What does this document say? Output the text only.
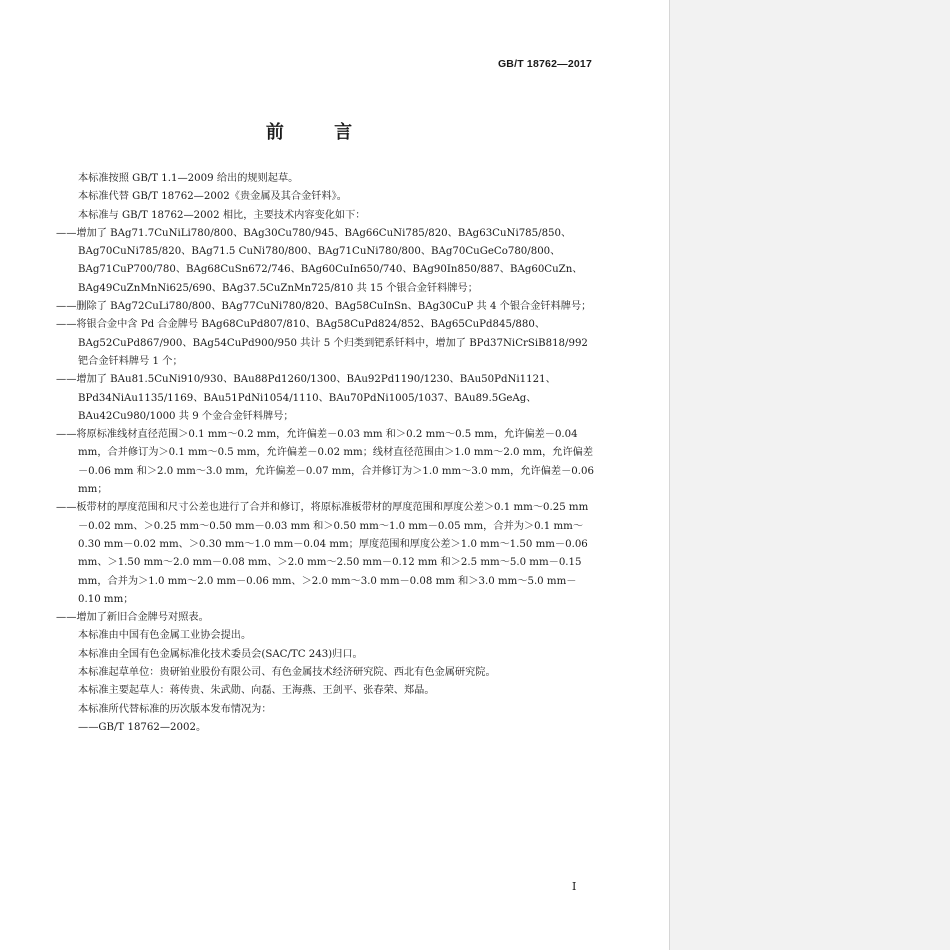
GB/T 18762—2017
前 言

本标准按照 GB/T 1.1—2009 给出的规则起草。

本标准代替 GB/T 18762—2002《贵金属及其合金钎料》。

本标准与 GB/T 18762—2002 相比，主要技术内容变化如下：

——增加了 BAg71.7CuNiLi780/800、BAg30Cu780/945、BAg66CuNi785/820、BAg63CuNi785/850、BAg70CuNi785/820、BAg71.5 CuNi780/800、BAg71CuNi780/800、BAg70CuGeCo780/800、BAg71CuP700/780、BAg68CuSn672/746、BAg60CuIn650/740、BAg90In850/887、BAg60CuZn、BAg49CuZnMnNi625/690、BAg37.5CuZnMn725/810 共 15 个银合金钎料牌号；

——删除了 BAg72CuLi780/800、BAg77CuNi780/820、BAg58CuInSn、BAg30CuP 共 4 个银合金钎料牌号；

——将银合金中含 Pd 合金牌号 BAg68CuPd807/810、BAg58CuPd824/852、BAg65CuPd845/880、BAg52CuPd867/900、BAg54CuPd900/950 共计 5 个归类到钯系钎料中，增加了 BPd37NiCrSiB818/992 钯合金钎料牌号 1 个；

——增加了 BAu81.5CuNi910/930、BAu88Pd1260/1300、BAu92Pd1190/1230、BAu50PdNi1121、BPd34NiAu1135/1169、BAu51PdNi1054/1110、BAu70PdNi1005/1037、BAu89.5GeAg、BAu42Cu980/1000 共 9 个金合金钎料牌号；

——将原标准线材直径范围＞0.1 mm～0.2 mm，允许偏差－0.03 mm 和＞0.2 mm～0.5 mm，允许偏差－0.04 mm，合并修订为＞0.1 mm～0.5 mm，允许偏差－0.02 mm；线材直径范围由＞1.0 mm～2.0 mm，允许偏差－0.06 mm 和＞2.0 mm～3.0 mm，允许偏差－0.07 mm，合并修订为＞1.0 mm～3.0 mm，允许偏差－0.06 mm；

——板带材的厚度范围和尺寸公差也进行了合并和修订，将原标准板带材的厚度范围和厚度公差＞0.1 mm～0.25 mm－0.02 mm、＞0.25 mm～0.50 mm－0.03 mm 和＞0.50 mm～1.0 mm－0.05 mm，合并为＞0.1 mm～0.30 mm－0.02 mm、＞0.30 mm～1.0 mm－0.04 mm；厚度范围和厚度公差＞1.0 mm～1.50 mm－0.06 mm、＞1.50 mm～2.0 mm－0.08 mm、＞2.0 mm～2.50 mm－0.12 mm 和＞2.5 mm～5.0 mm－0.15 mm，合并为＞1.0 mm～2.0 mm－0.06 mm、＞2.0 mm～3.0 mm－0.08 mm 和＞3.0 mm～5.0 mm－0.10 mm；

——增加了新旧合金牌号对照表。

本标准由中国有色金属工业协会提出。

本标准由全国有色金属标准化技术委员会(SAC/TC 243)归口。

本标准起草单位：贵研铂业股份有限公司、有色金属技术经济研究院、西北有色金属研究院。

本标准主要起草人：蒋传贵、朱武勋、向磊、王海燕、王剑平、张春荣、郑晶。

本标准所代替标准的历次版本发布情况为：

——GB/T 18762—2002。

I
